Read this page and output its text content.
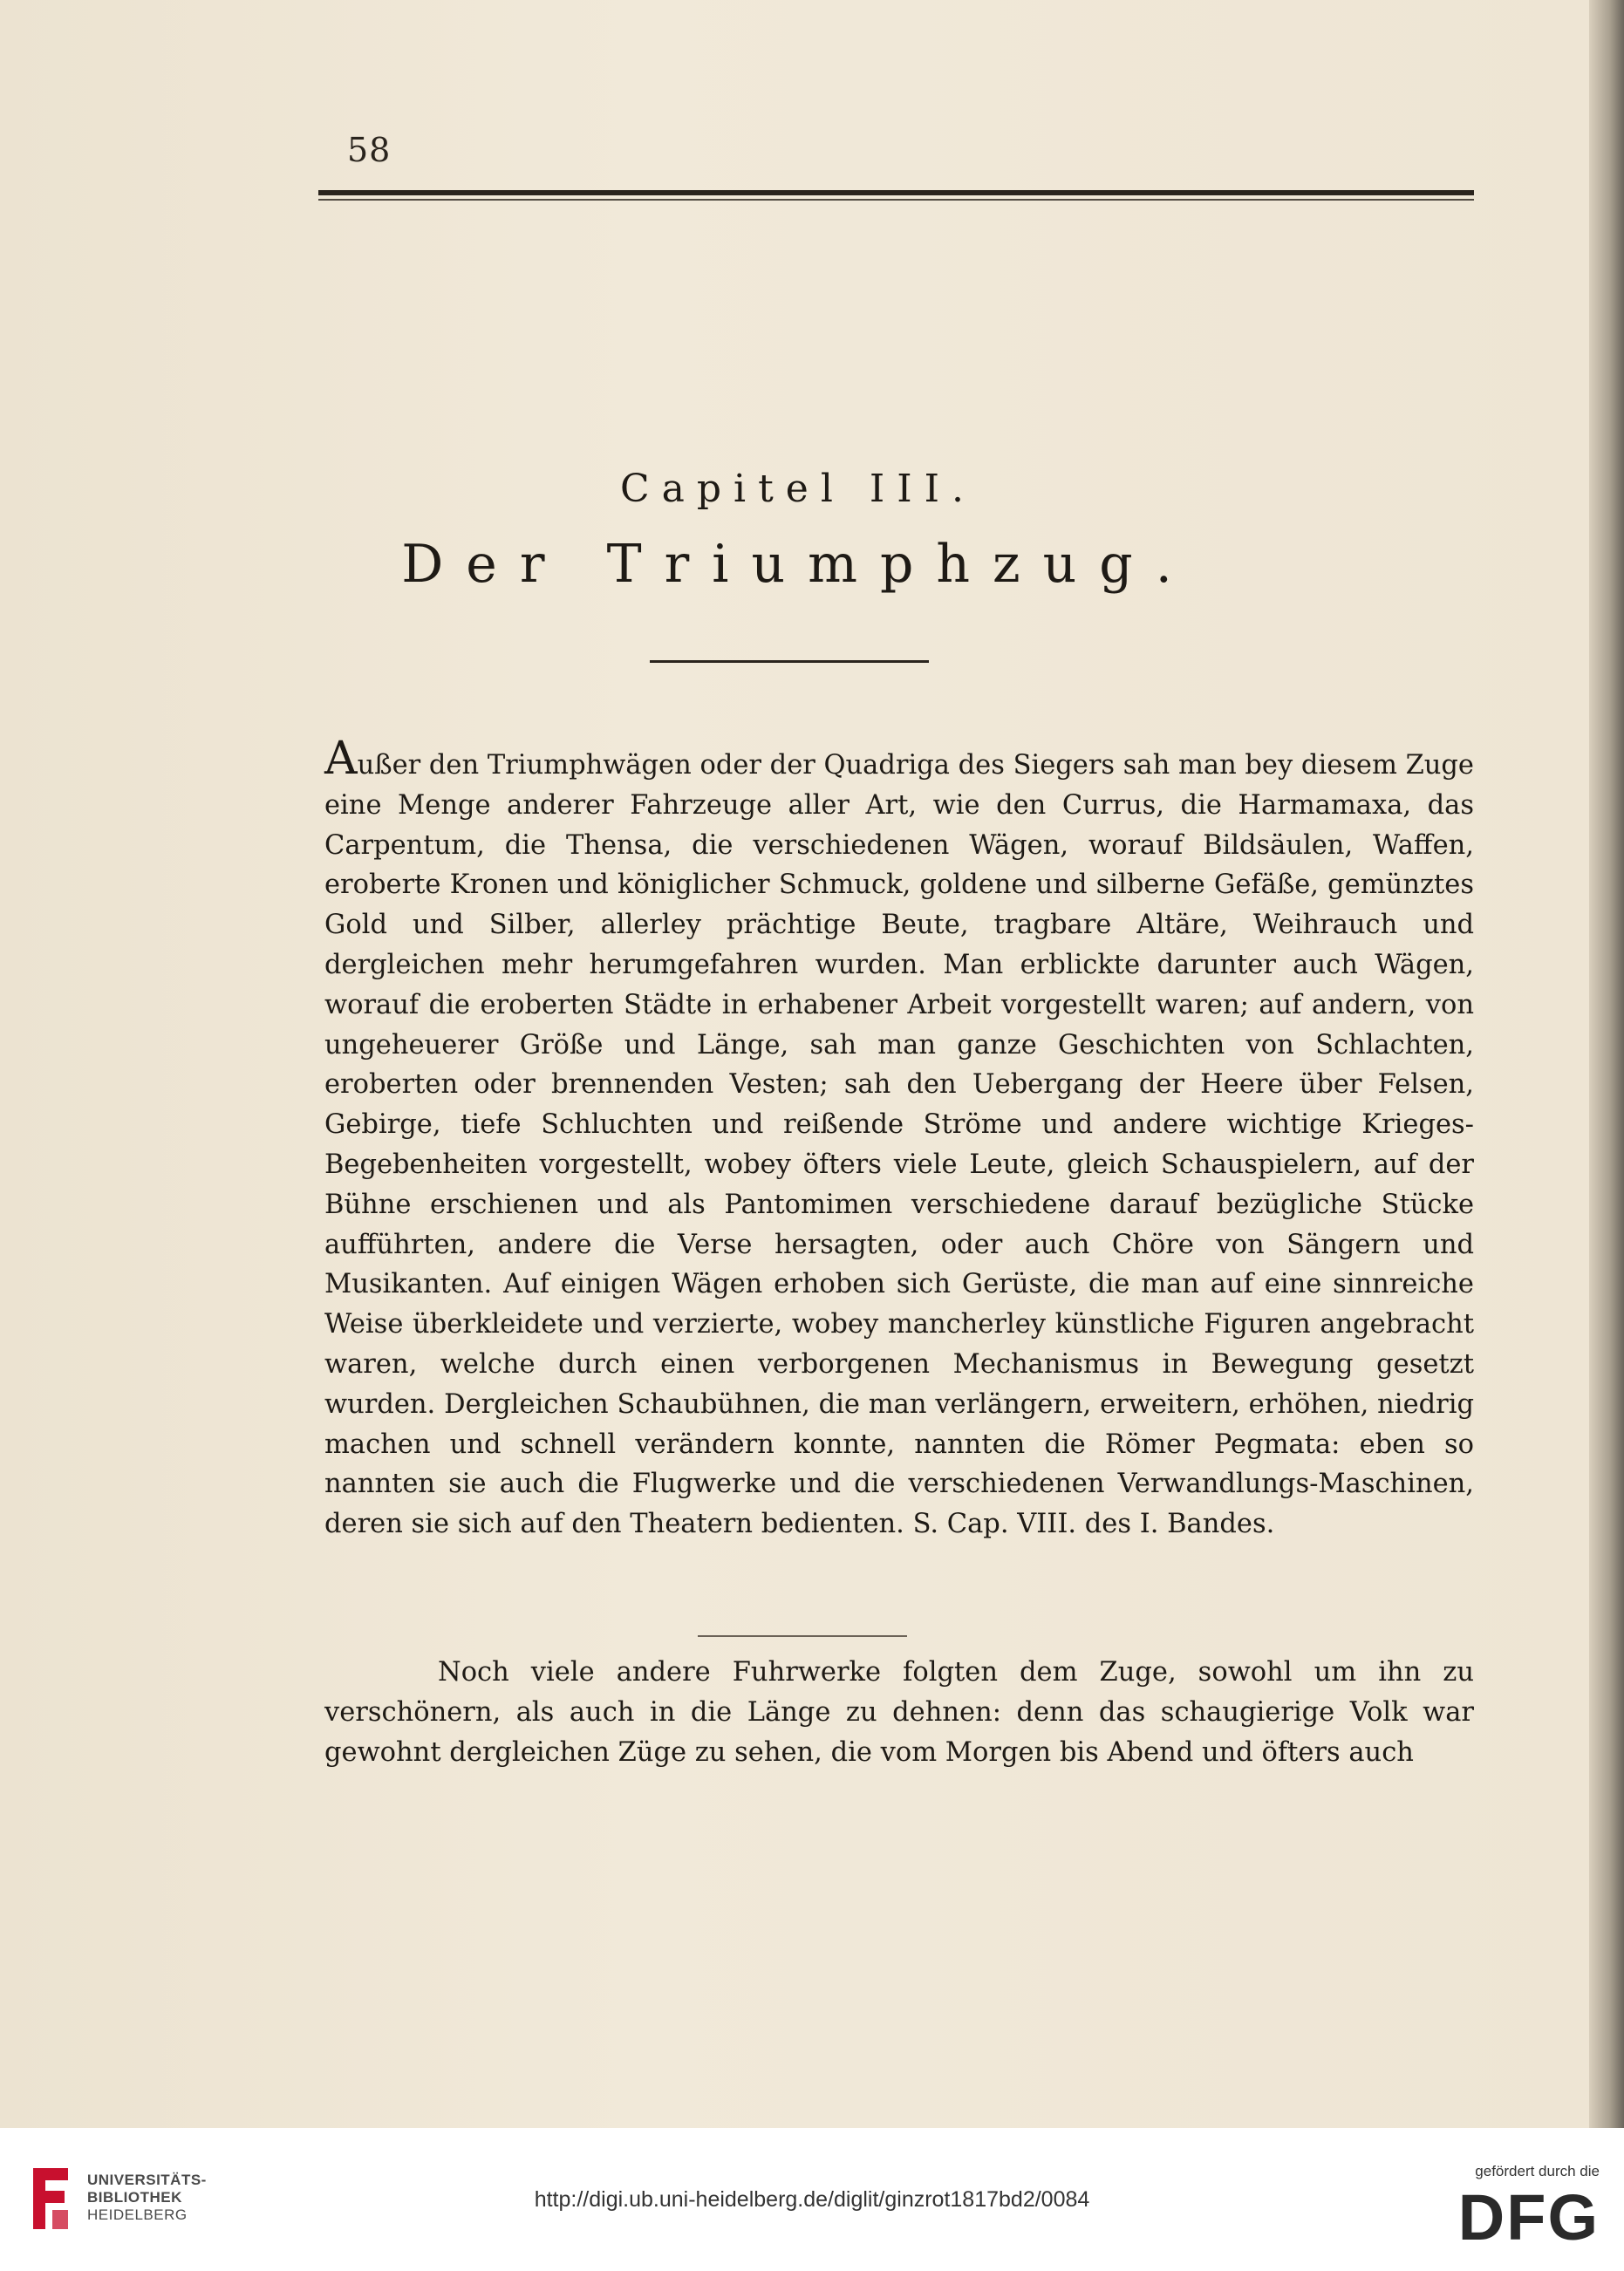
58
Capitel III.
Der Triumphzug.
Außer den Triumphwägen oder der Quadriga des Siegers sah man bey diesem Zuge eine Menge anderer Fahrzeuge aller Art, wie den Currus, die Harmamaxa, das Carpentum, die Thensa, die verschiedenen Wägen, worauf Bildsäulen, Waffen, eroberte Kronen und königlicher Schmuck, goldene und silberne Gefäße, gemünztes Gold und Silber, allerley prächtige Beute, tragbare Altäre, Weihrauch und dergleichen mehr herumgefahren wurden. Man erblickte darunter auch Wägen, worauf die eroberten Städte in erhabener Arbeit vorgestellt waren; auf andern, von ungeheuerer Größe und Länge, sah man ganze Geschichten von Schlachten, eroberten oder brennenden Vesten; sah den Uebergang der Heere über Felsen, Gebirge, tiefe Schluchten und reißende Ströme und andere wichtige Krieges-Begebenheiten vorgestellt, wobey öfters viele Leute, gleich Schauspielern, auf der Bühne erschienen und als Pantomimen verschiedene darauf bezügliche Stücke aufführten, andere die Verse hersagten, oder auch Chöre von Sängern und Musikanten. Auf einigen Wägen erhoben sich Gerüste, die man auf eine sinnreiche Weise überkleidete und verzierte, wobey mancherley künstliche Figuren angebracht waren, welche durch einen verborgenen Mechanismus in Bewegung gesetzt wurden. Dergleichen Schaubühnen, die man verlängern, erweitern, erhöhen, niedrig machen und schnell verändern konnte, nannten die Römer Pegmata: eben so nannten sie auch die Flugwerke und die verschiedenen Verwandlungs-Maschinen, deren sie sich auf den Theatern bedienten. S. Cap. VIII. des I. Bandes.
Noch viele andere Fuhrwerke folgten dem Zuge, sowohl um ihn zu verschönern, als auch in die Länge zu dehnen: denn das schaugierige Volk war gewohnt dergleichen Züge zu sehen, die vom Morgen bis Abend und öfters auch
UNIVERSITÄTS-
BIBLIOTHEK
HEIDELBERG
http://digi.ub.uni-heidelberg.de/diglit/ginzrot1817bd2/0084
gefördert durch die
DFG
